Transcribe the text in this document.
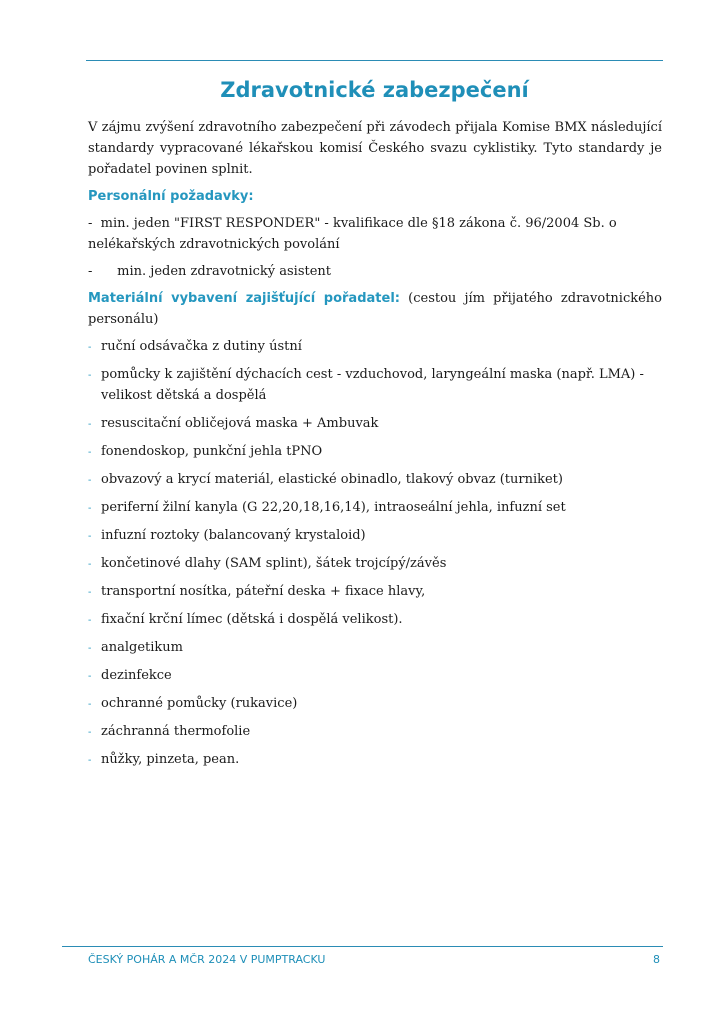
Zdravotnické zabezpečení

V zájmu zvýšení zdravotního zabezpečení při závodech přijala Komise BMX následující standardy vypracované lékařskou komisí Českého svazu cyklistiky. Tyto standardy je pořadatel povinen splnit.

Personální požadavky:

-  min. jeden "FIRST RESPONDER" - kvalifikace dle §18 zákona č. 96/2004 Sb. o nelékařských zdravotnických povolání

-      min. jeden zdravotnický asistent

Materiální vybavení zajišťující pořadatel: (cestou jím přijatého zdravotnického personálu)

- ruční odsávačka z dutiny ústní
- pomůcky k zajištění dýchacích cest - vzduchovod, laryngeální maska (např. LMA) - velikost dětská a dospělá
- resuscitační obličejová maska + Ambuvak
- fonendoskop, punkční jehla tPNO
- obvazový a krycí materiál, elastické obinadlo, tlakový obvaz (turniket)
- periferní žilní kanyla (G 22,20,18,16,14), intraoseální jehla, infuzní set
- infuzní roztoky (balancovaný krystaloid)
- končetinové dlahy (SAM splint), šátek trojcípý/závěs
- transportní nosítka, páteřní deska + fixace hlavy,
- fixační krční límec (dětská i dospělá velikost).
- analgetikum
- dezinfekce
- ochranné pomůcky (rukavice)
- záchranná thermofolie
- nůžky, pinzeta, pean.
ČESKÝ POHÁR A MČR 2024 V PUMPTRACKU	8
